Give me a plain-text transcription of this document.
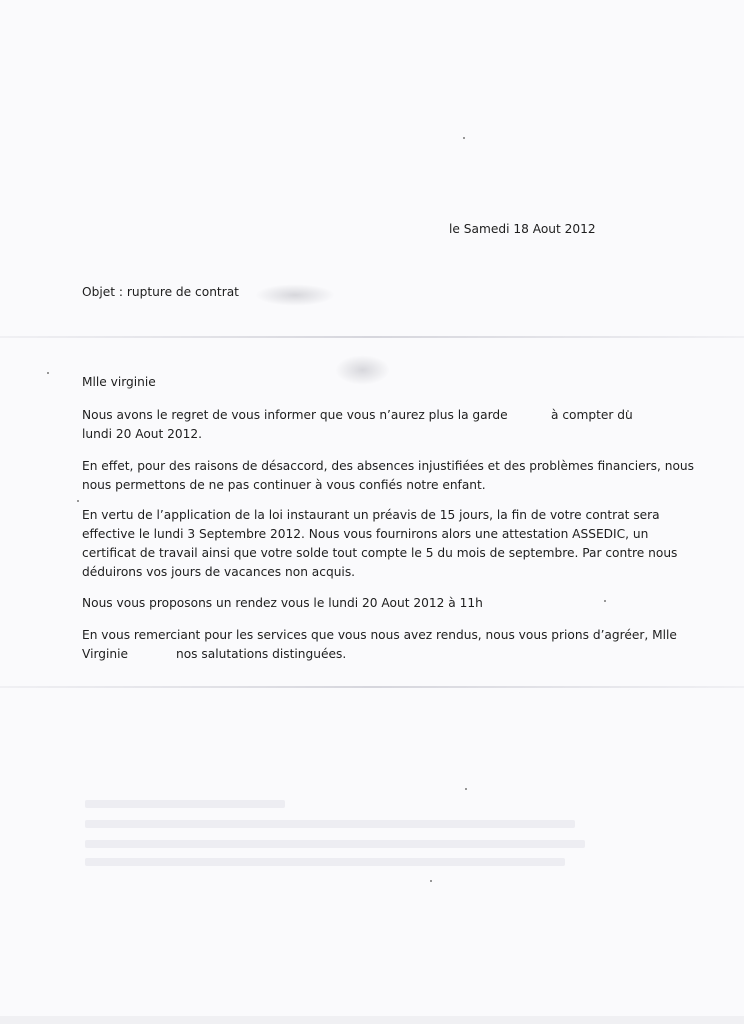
le Samedi 18 Aout 2012
Objet : rupture de contrat
Mlle virginie
Nous avons le regret de vous informer que vous n’aurez plus la garde	à compter du
lundi 20 Aout 2012.
En effet, pour des raisons de désaccord, des absences injustifiées et des problèmes financiers, nous
nous permettons de ne pas continuer à vous confiés notre enfant.
En vertu de l’application de la loi instaurant un préavis de 15 jours, la fin de votre contrat sera
effective le lundi 3 Septembre 2012. Nous vous fournirons alors une attestation ASSEDIC, un
certificat de travail ainsi que votre solde tout compte le 5 du mois de septembre. Par contre nous
déduirons vos jours de vacances non acquis.
Nous vous proposons un rendez vous le lundi 20 Aout 2012 à 11h
En vous remerciant pour les services que vous nous avez rendus, nous vous prions d’agréer, Mlle
Virginie	nos salutations distinguées.
